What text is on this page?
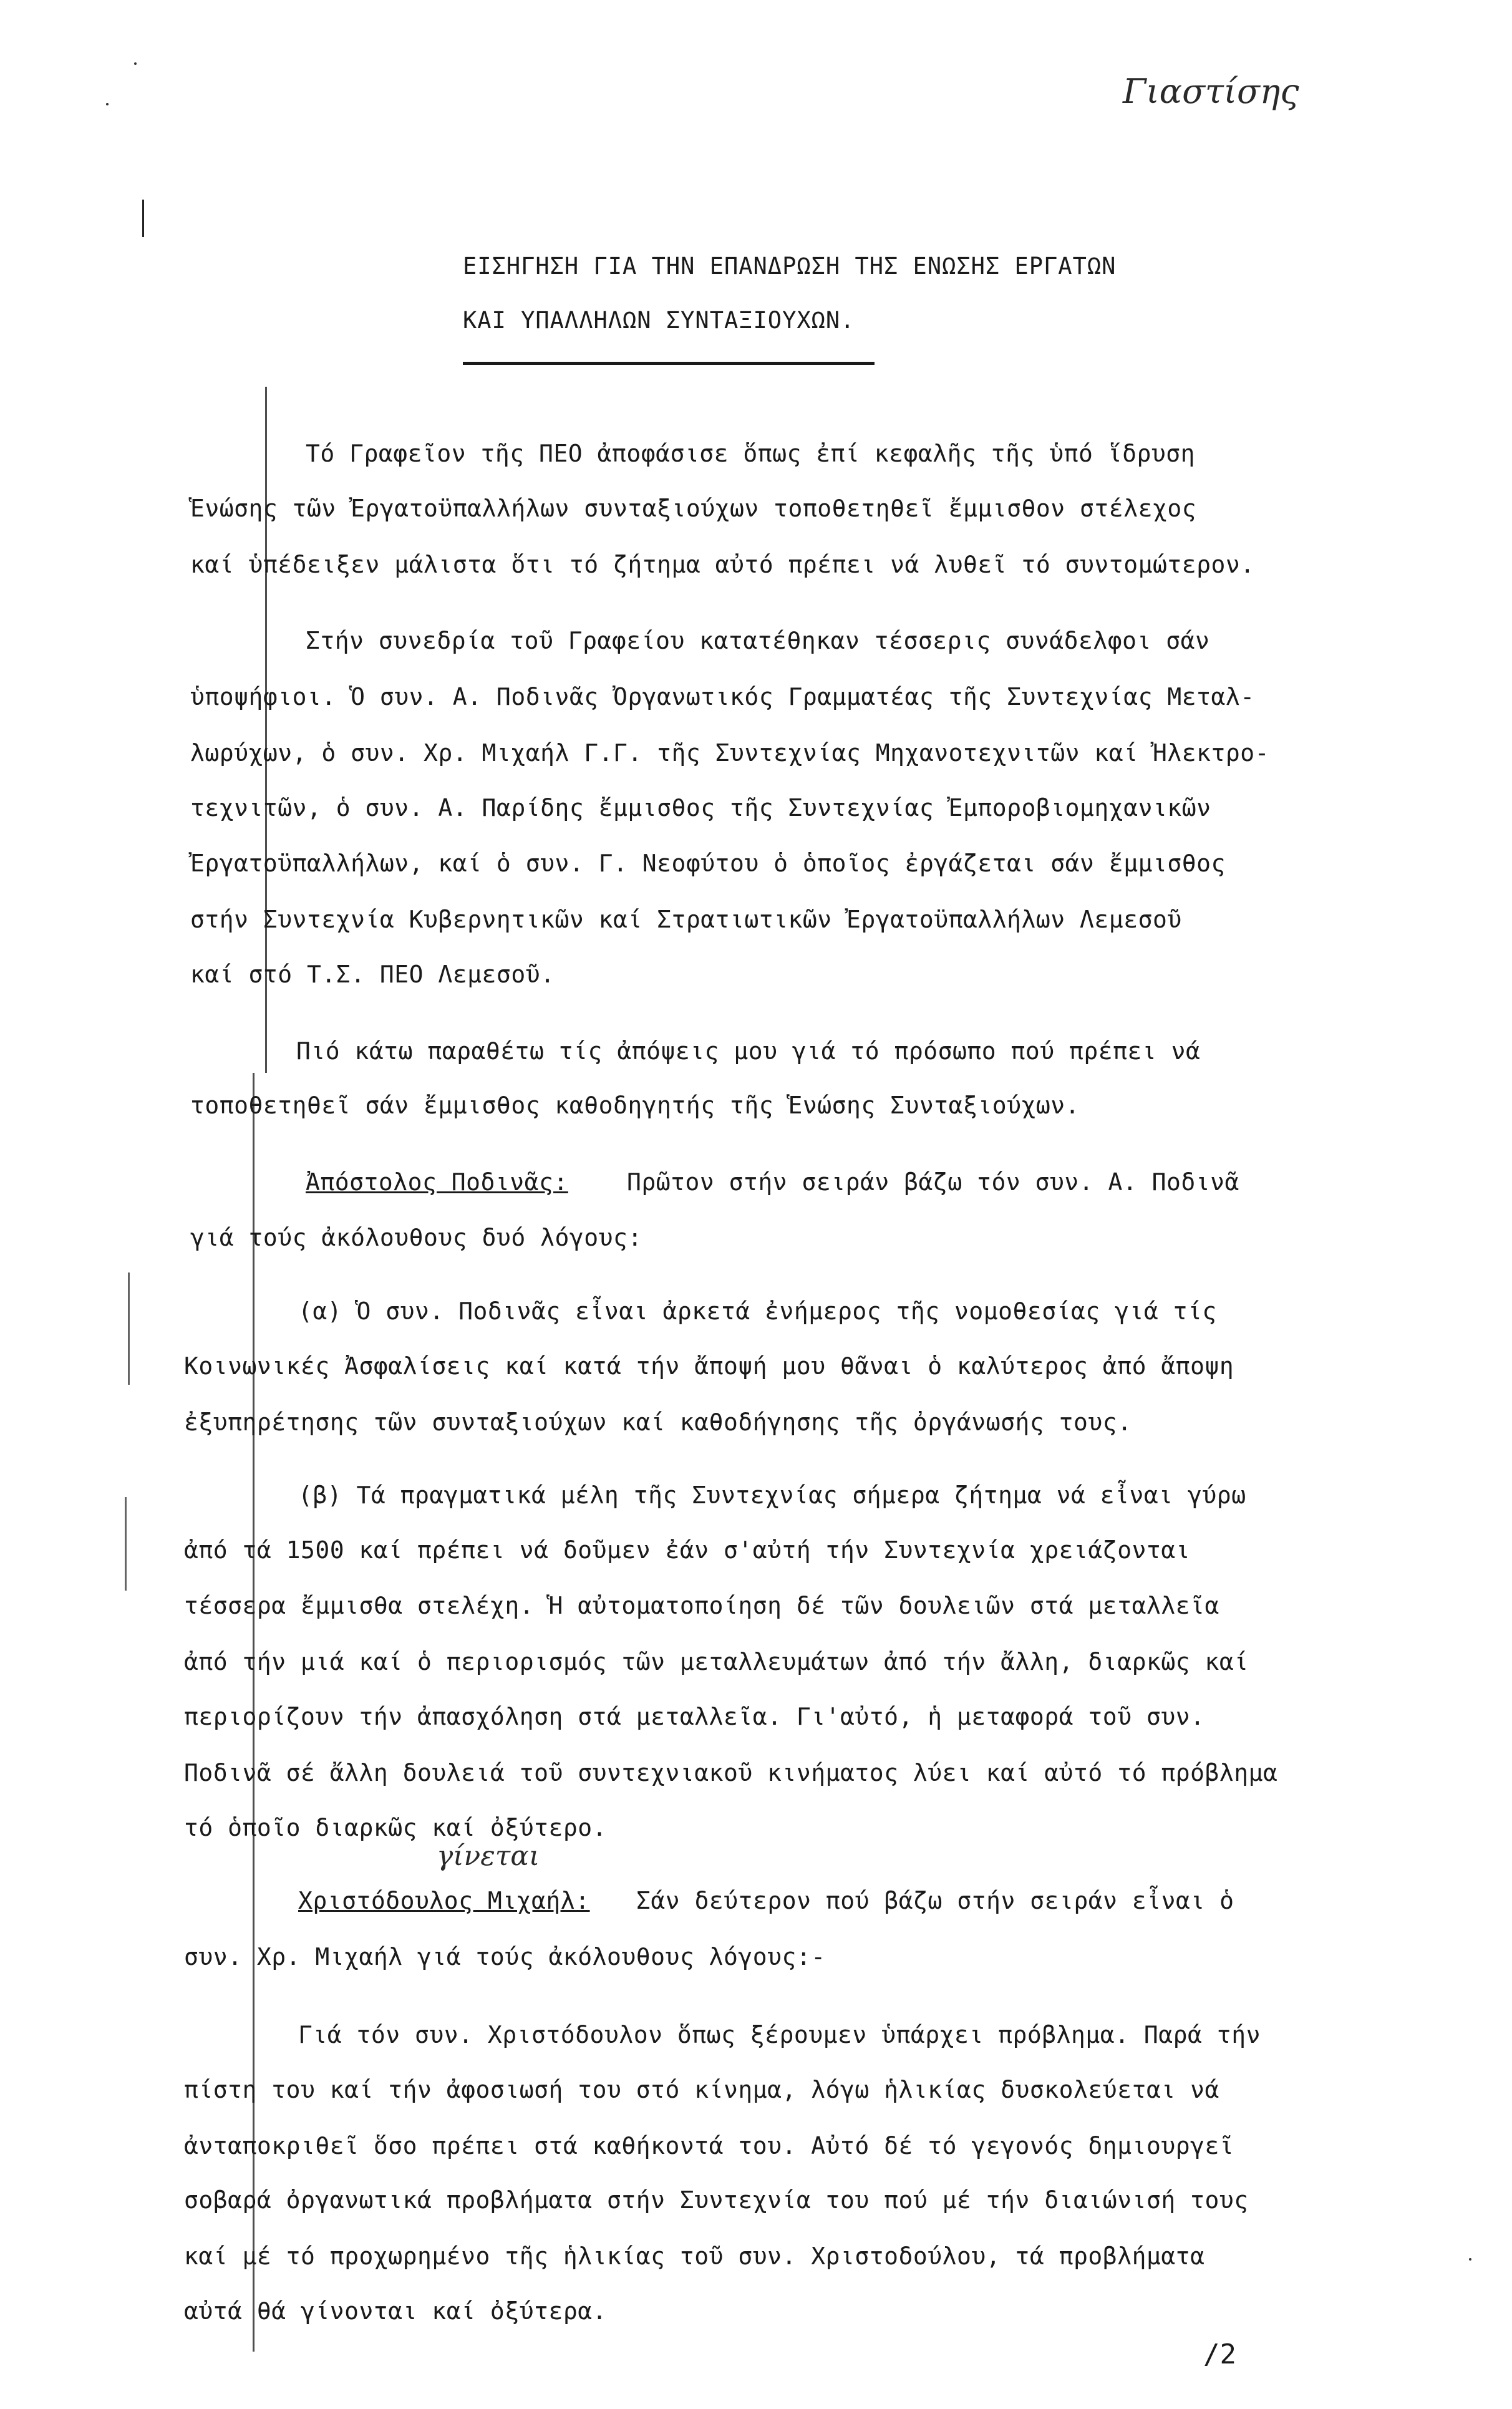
Γιαστίσης
ΕΙΣΗΓΗΣΗ ΓΙΑ ΤΗΝ ΕΠΑΝΔΡΩΣΗ ΤΗΣ ΕΝΩΣΗΣ ΕΡΓΑΤΩΝ
ΚΑΙ ΥΠΑΛΛΗΛΩΝ ΣΥΝΤΑΞΙΟΥΧΩΝ.
Τό Γραφεῖον τῆς ΠΕΟ ἀποφάσισε ὅπως ἐπί κεφαλῆς τῆς ὑπό ἵδρυση
Ἑνώσης τῶν Ἐργατοϋπαλλήλων συνταξιούχων τοποθετηθεῖ ἔμμισθον στέλεχος
καί ὑπέδειξεν μάλιστα ὅτι τό ζήτημα αὐτό πρέπει νά λυθεῖ τό συντομώτερον.
Στήν συνεδρία τοῦ Γραφείου κατατέθηκαν τέσσερις συνάδελφοι σάν
ὑποψήφιοι. Ὁ συν. Α. Ποδινᾶς Ὀργανωτικός Γραμματέας τῆς Συντεχνίας Μεταλ-
λωρύχων, ὁ συν. Χρ. Μιχαήλ Γ.Γ. τῆς Συντεχνίας Μηχανοτεχνιτῶν καί Ἠλεκτρο-
τεχνιτῶν, ὁ συν. Α. Παρίδης ἔμμισθος τῆς Συντεχνίας Ἐμποροβιομηχανικῶν
Ἐργατοϋπαλλήλων, καί ὁ συν. Γ. Νεοφύτου ὁ ὁποῖος ἐργάζεται σάν ἔμμισθος
στήν Συντεχνία Κυβερνητικῶν καί Στρατιωτικῶν Ἐργατοϋπαλλήλων Λεμεσοῦ
καί στό Τ.Σ. ΠΕΟ Λεμεσοῦ.
Πιό κάτω παραθέτω τίς ἀπόψεις μου γιά τό πρόσωπο πού πρέπει νά
τοποθετηθεῖ σάν ἔμμισθος καθοδηγητής τῆς Ἑνώσης Συνταξιούχων.
Ἀπόστολος Ποδινᾶς: Πρῶτον στήν σειράν βάζω τόν συν. Α. Ποδινᾶ
γιά τούς ἀκόλουθους δυό λόγους:
(α) Ὁ συν. Ποδινᾶς εἶναι ἀρκετά ἐνήμερος τῆς νομοθεσίας γιά τίς
Κοινωνικές Ἀσφαλίσεις καί κατά τήν ἄποψή μου θᾶναι ὁ καλύτερος ἀπό ἄποψη
ἐξυπηρέτησης τῶν συνταξιούχων καί καθοδήγησης τῆς ὀργάνωσής τους.
(β) Τά πραγματικά μέλη τῆς Συντεχνίας σήμερα ζήτημα νά εἶναι γύρω
ἀπό τά 1500 καί πρέπει νά δοῦμεν ἐάν σ'αὐτή τήν Συντεχνία χρειάζονται
τέσσερα ἔμμισθα στελέχη. Ἡ αὐτοματοποίηση δέ τῶν δουλειῶν στά μεταλλεῖα
ἀπό τήν μιά καί ὁ περιορισμός τῶν μεταλλευμάτων ἀπό τήν ἄλλη, διαρκῶς καί
περιορίζουν τήν ἀπασχόληση στά μεταλλεῖα. Γι'αὐτό, ἡ μεταφορά τοῦ συν.
Ποδινᾶ σέ ἄλλη δουλειά τοῦ συντεχνιακοῦ κινήματος λύει καί αὐτό τό πρόβλημα
τό ὁποῖο διαρκῶς καί ὀξύτερο.
γίνεται
Χριστόδουλος Μιχαήλ: Σάν δεύτερον πού βάζω στήν σειράν εἶναι ὁ
συν. Χρ. Μιχαήλ γιά τούς ἀκόλουθους λόγους:-
Γιά τόν συν. Χριστόδουλον ὅπως ξέρουμεν ὑπάρχει πρόβλημα. Παρά τήν
πίστη του καί τήν ἀφοσιωσή του στό κίνημα, λόγω ἡλικίας δυσκολεύεται νά
ἀνταποκριθεῖ ὅσο πρέπει στά καθήκοντά του. Αὐτό δέ τό γεγονός δημιουργεῖ
σοβαρά ὀργανωτικά προβλήματα στήν Συντεχνία του πού μέ τήν διαιώνισή τους
καί μέ τό προχωρημένο τῆς ἡλικίας τοῦ συν. Χριστοδούλου, τά προβλήματα
αὐτά θά γίνονται καί ὀξύτερα.
/2
